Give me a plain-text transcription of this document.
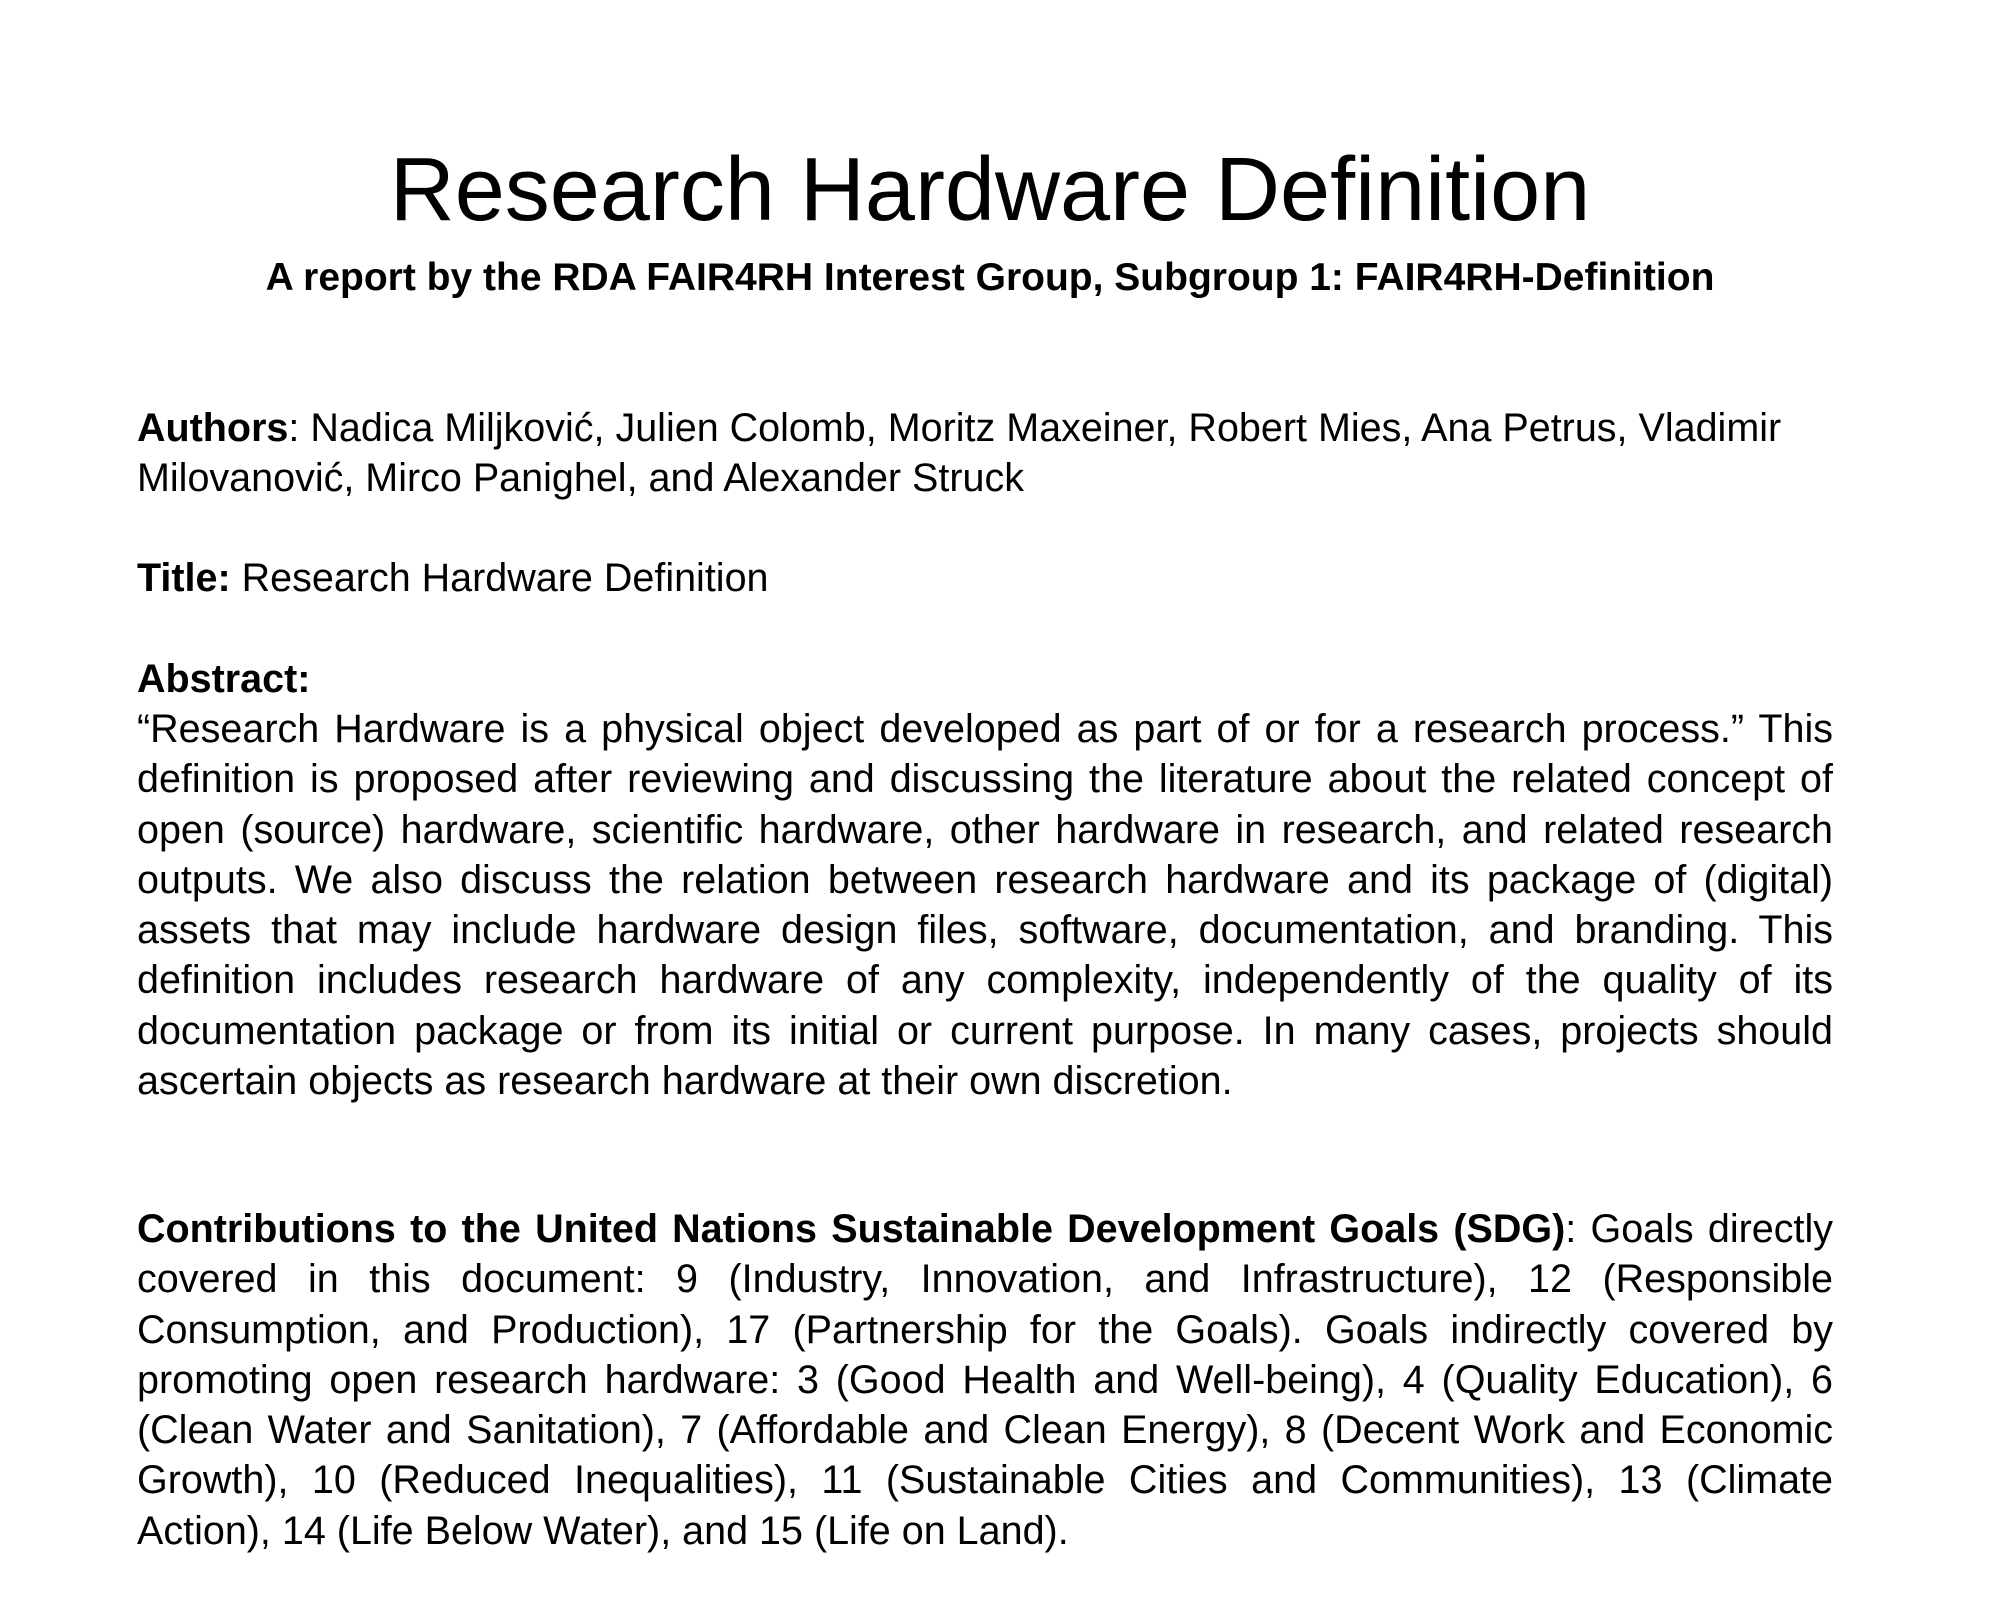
Research Hardware Definition

A report by the RDA FAIR4RH Interest Group, Subgroup 1: FAIR4RH-Definition

Authors: Nadica Miljković, Julien Colomb, Moritz Maxeiner, Robert Mies, Ana Petrus, Vladimir Milovanović, Mirco Panighel, and Alexander Struck

Title: Research Hardware Definition

Abstract:

“Research Hardware is a physical object developed as part of or for a research process.” This definition is proposed after reviewing and discussing the literature about the related concept of open (source) hardware, scientific hardware, other hardware in research, and related research outputs. We also discuss the relation between research hardware and its package of (digital) assets that may include hardware design files, software, documentation, and branding. This definition includes research hardware of any complexity, independently of the quality of its documentation package or from its initial or current purpose. In many cases, projects should ascertain objects as research hardware at their own discretion.

Contributions to the United Nations Sustainable Development Goals (SDG): Goals directly covered in this document: 9 (Industry, Innovation, and Infrastructure), 12 (Responsible Consumption, and Production), 17 (Partnership for the Goals). Goals indirectly covered by promoting open research hardware: 3 (Good Health and Well-being), 4 (Quality Education), 6 (Clean Water and Sanitation), 7 (Affordable and Clean Energy), 8 (Decent Work and Economic Growth), 10 (Reduced Inequalities), 11 (Sustainable Cities and Communities), 13 (Climate Action), 14 (Life Below Water), and 15 (Life on Land).
